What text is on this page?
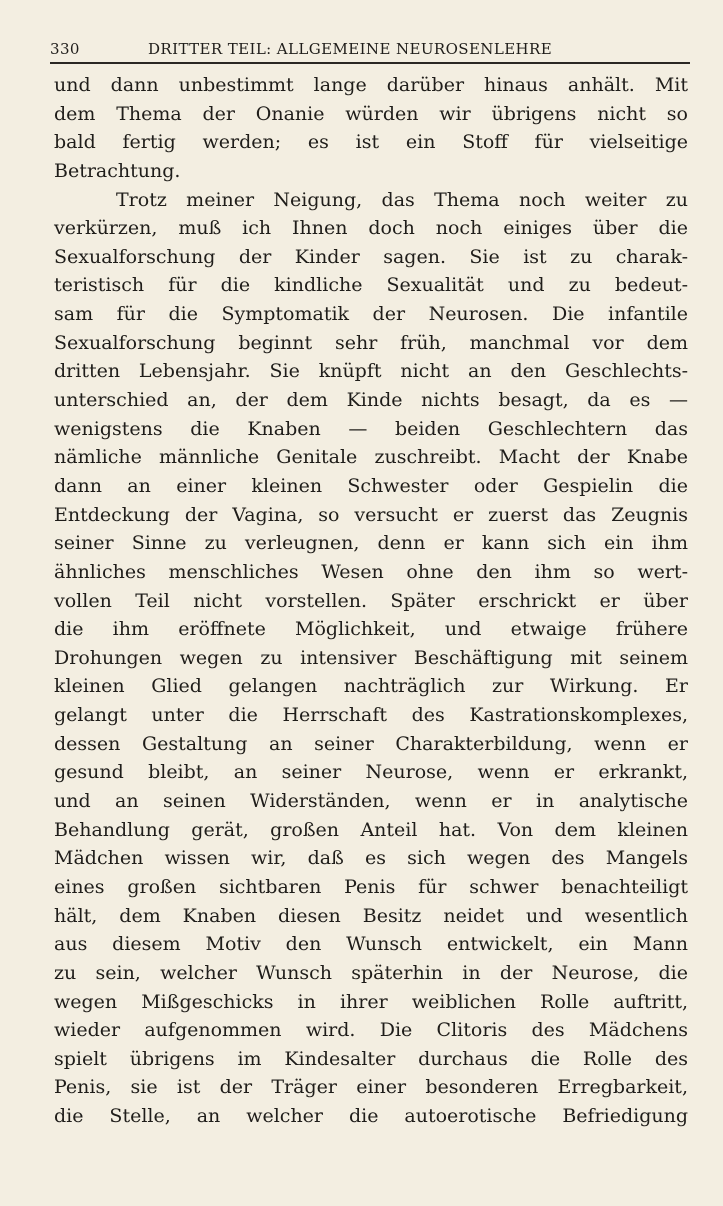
330	DRITTER TEIL: ALLGEMEINE NEUROSENLEHRE
und dann unbestimmt lange darüber hinaus anhält. Mit
dem Thema der Onanie würden wir übrigens nicht so
bald fertig werden; es ist ein Stoff für vielseitige
Betrachtung.
Trotz meiner Neigung, das Thema noch weiter zu
verkürzen, muß ich Ihnen doch noch einiges über die
Sexualforschung der Kinder sagen. Sie ist zu charak-
teristisch für die kindliche Sexualität und zu bedeut-
sam für die Symptomatik der Neurosen. Die infantile
Sexualforschung beginnt sehr früh, manchmal vor dem
dritten Lebensjahr. Sie knüpft nicht an den Geschlechts-
unterschied an, der dem Kinde nichts besagt, da es —
wenigstens die Knaben — beiden Geschlechtern das
nämliche männliche Genitale zuschreibt. Macht der Knabe
dann an einer kleinen Schwester oder Gespielin die
Entdeckung der Vagina, so versucht er zuerst das Zeugnis
seiner Sinne zu verleugnen, denn er kann sich ein ihm
ähnliches menschliches Wesen ohne den ihm so wert-
vollen Teil nicht vorstellen. Später erschrickt er über
die ihm eröffnete Möglichkeit, und etwaige frühere
Drohungen wegen zu intensiver Beschäftigung mit seinem
kleinen Glied gelangen nachträglich zur Wirkung. Er
gelangt unter die Herrschaft des Kastrationskomplexes,
dessen Gestaltung an seiner Charakterbildung, wenn er
gesund bleibt, an seiner Neurose, wenn er erkrankt,
und an seinen Widerständen, wenn er in analytische
Behandlung gerät, großen Anteil hat. Von dem kleinen
Mädchen wissen wir, daß es sich wegen des Mangels
eines großen sichtbaren Penis für schwer benachteiligt
hält, dem Knaben diesen Besitz neidet und wesentlich
aus diesem Motiv den Wunsch entwickelt, ein Mann
zu sein, welcher Wunsch späterhin in der Neurose, die
wegen Mißgeschicks in ihrer weiblichen Rolle auftritt,
wieder aufgenommen wird. Die Clitoris des Mädchens
spielt übrigens im Kindesalter durchaus die Rolle des
Penis, sie ist der Träger einer besonderen Erregbarkeit,
die Stelle, an welcher die autoerotische Befriedigung
